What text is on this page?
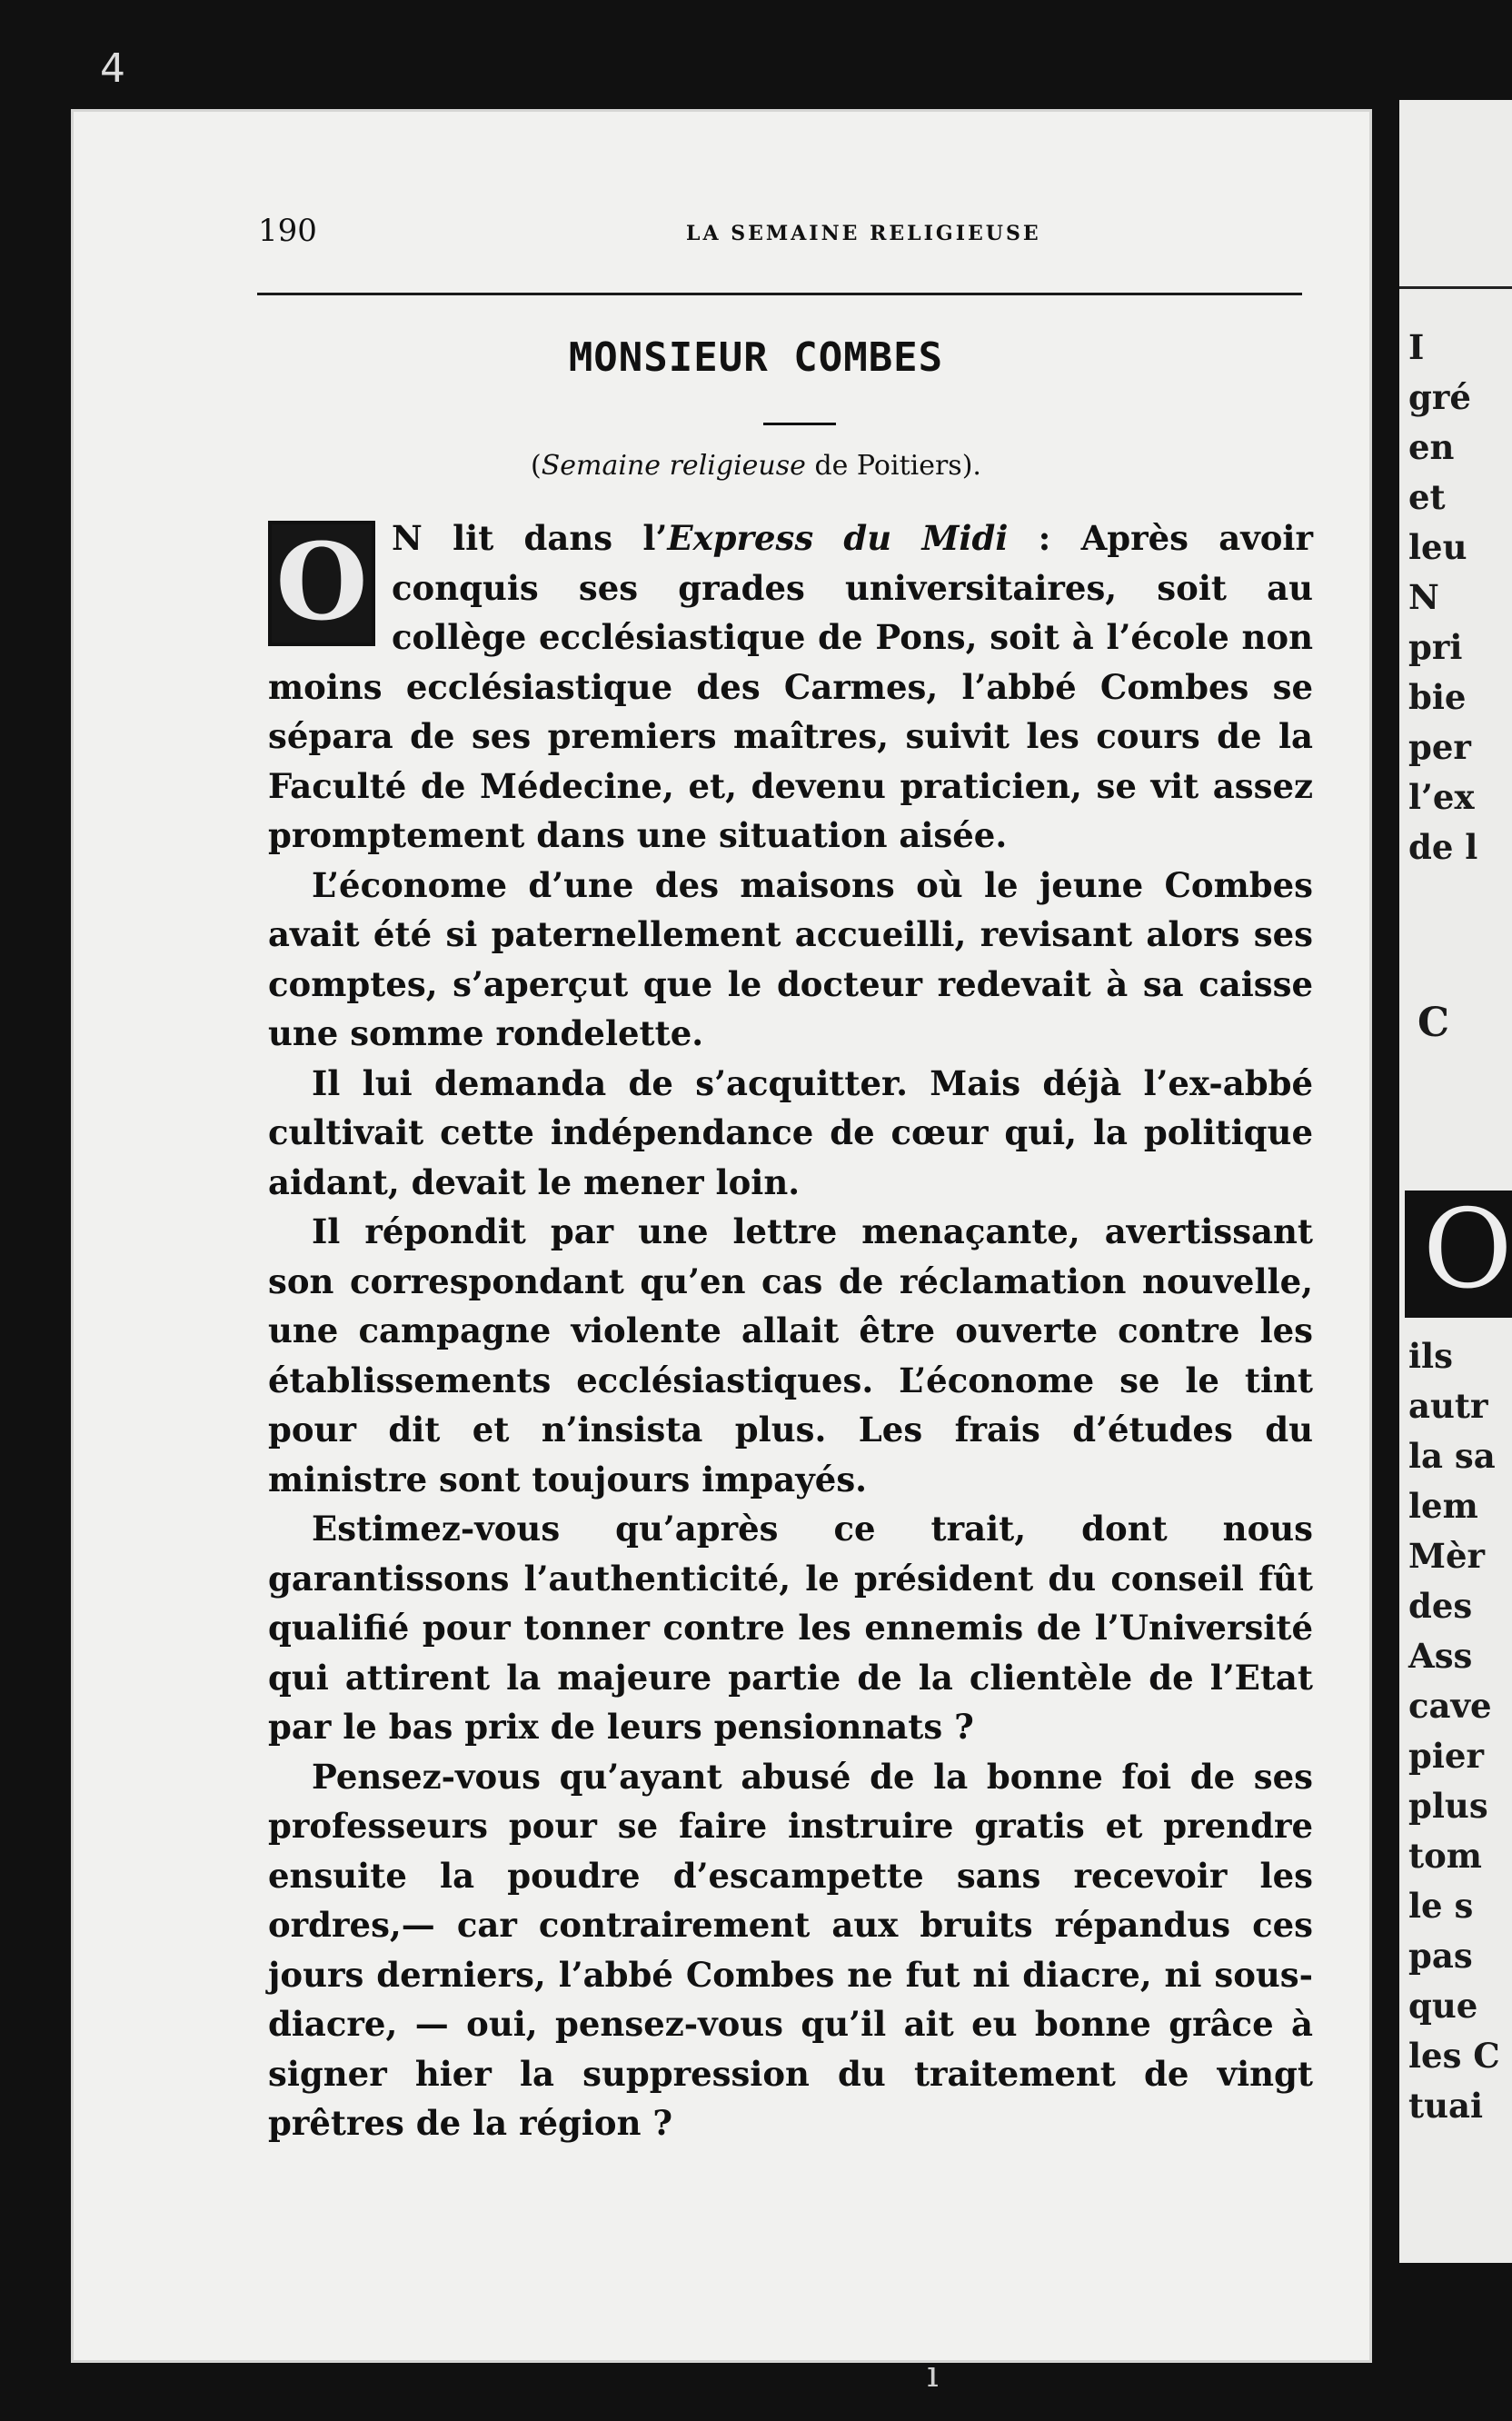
4
190	LA SEMAINE RELIGIEUSE
MONSIEUR COMBES
(Semaine religieuse de Poitiers).

O N lit dans l’Express du Midi : Après avoir conquis ses grades universitaires, soit au collège ecclésiastique de Pons, soit à l’école non moins ecclésiastique des Carmes, l’abbé Combes se sépara de ses premiers maîtres, suivit les cours de la Faculté de Médecine, et, devenu praticien, se vit assez promptement dans une situation aisée.

L’économe d’une des maisons où le jeune Combes avait été si paternellement accueilli, revisant alors ses comptes, s’aperçut que le docteur redevait à sa caisse une somme rondelette.

Il lui demanda de s’acquitter. Mais déjà l’ex-abbé cultivait cette indépendance de cœur qui, la politique aidant, devait le mener loin.

Il répondit par une lettre menaçante, avertissant son correspondant qu’en cas de réclamation nouvelle, une campagne violente allait être ouverte contre les établissements ecclésiastiques. L’économe se le tint pour dit et n’insista plus. Les frais d’études du ministre sont toujours impayés.

Estimez-vous qu’après ce trait, dont nous garantissons l’authenticité, le président du conseil fût qualifié pour tonner contre les ennemis de l’Université qui attirent la majeure partie de la clientèle de l’Etat par le bas prix de leurs pensionnats ?

Pensez-vous qu’ayant abusé de la bonne foi de ses professeurs pour se faire instruire gratis et prendre ensuite la poudre d’escampette sans recevoir les ordres,— car contrairement aux bruits répandus ces jours derniers, l’abbé Combes ne fut ni diacre, ni sous-diacre, — oui, pensez-vous qu’il ait eu bonne grâce à signer hier la suppression du traitement de vingt prêtres de la région ?

I
gré
en
et
leu
N
pri
bie
per
l’ex
de l
C
O
ils
autr
la sa
lem
Mèr
des
Ass
cave
pier
plus
tom
le s
pas
que
les C
tuai
ı
